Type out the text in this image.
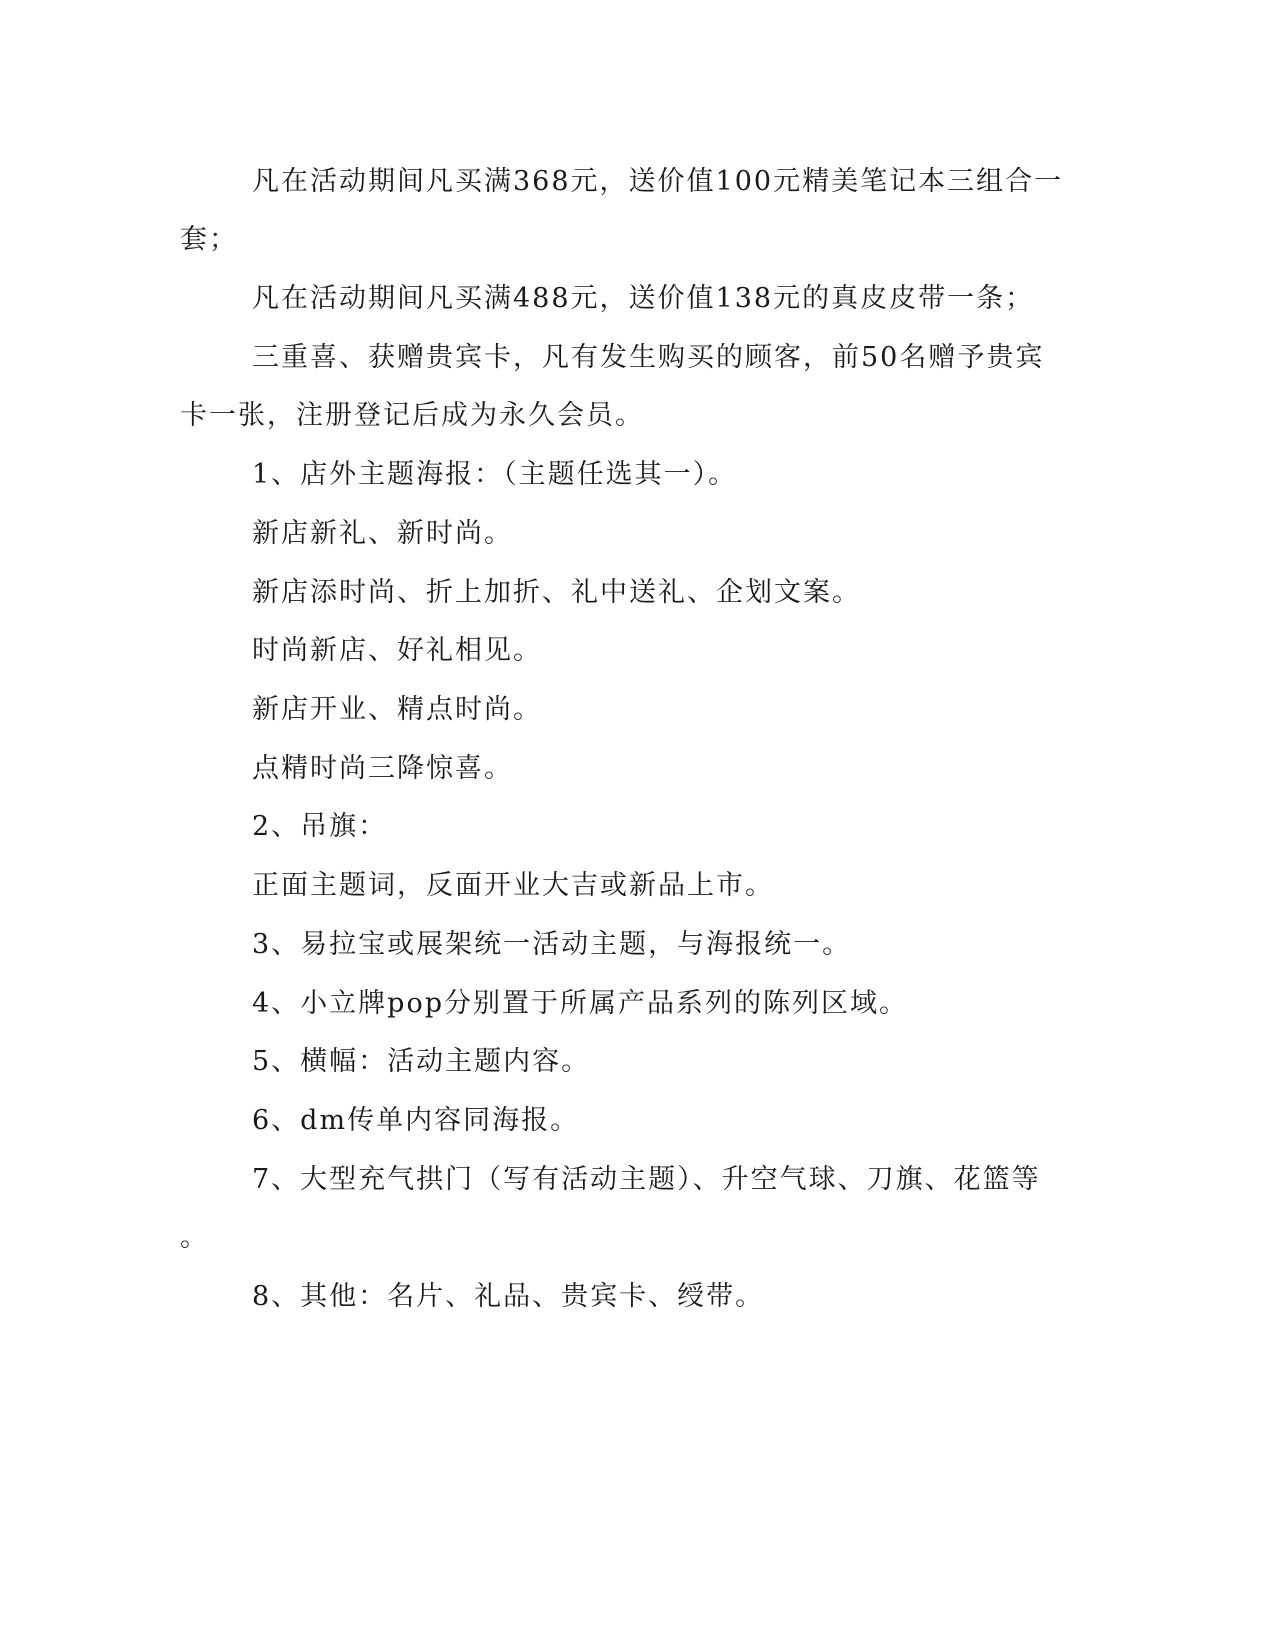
凡在活动期间凡买满368元，送价值100元精美笔记本三组合一
套；
凡在活动期间凡买满488元，送价值138元的真皮皮带一条；
三重喜、获赠贵宾卡，凡有发生购买的顾客，前50名赠予贵宾
卡一张，注册登记后成为永久会员。
1、店外主题海报：（主题任选其一）。
新店新礼、新时尚。
新店添时尚、折上加折、礼中送礼、企划文案。
时尚新店、好礼相见。
新店开业、精点时尚。
点精时尚三降惊喜。
2、吊旗：
正面主题词，反面开业大吉或新品上市。
3、易拉宝或展架统一活动主题，与海报统一。
4、小立牌pop分别置于所属产品系列的陈列区域。
5、横幅：活动主题内容。
6、dm传单内容同海报。
7、大型充气拱门（写有活动主题）、升空气球、刀旗、花篮等
。
8、其他：名片、礼品、贵宾卡、绶带。
